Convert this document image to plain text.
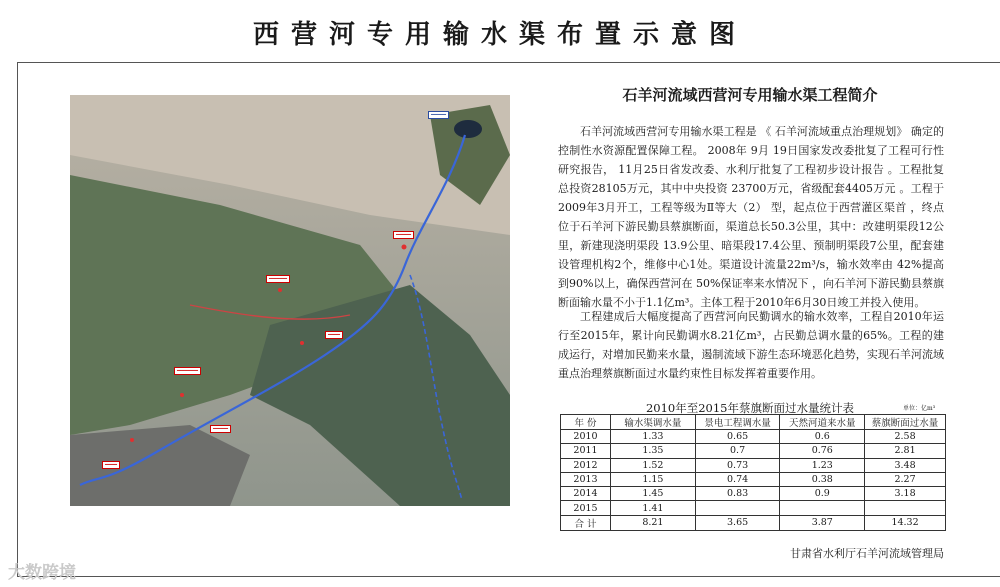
西营河专用输水渠布置示意图
━━━━━
━━━━━
━━━━━━
━━━━
━━━━━━━
━━━━━
━━━━
石羊河流域西营河专用输水渠工程简介

石羊河流域西营河专用输水渠工程是 《 石羊河流域重点治理规划》 确定的控制性水资源配置保障工程。 2008年 9月 19日国家发改委批复了工程可行性研究报告， 11月25日省发改委、水利厅批复了工程初步设计报告 。工程批复总投资28105万元，其中中央投资 23700万元，省级配套4405万元 。工程于2009年3月开工，工程等级为Ⅱ等大（2） 型，起点位于西营灌区渠首 ，终点位于石羊河下游民勤县蔡旗断面，渠道总长50.3公里，其中：改建明渠段12公里，新建现浇明渠段 13.9公里、暗渠段17.4公里、预制明渠段7公里，配套建设管理机构2个，维修中心1处。渠道设计流量22m³/s，输水效率由 42%提高到90%以上，确保西营河在 50%保证率来水情况下 ，向石羊河下游民勤县蔡旗断面输水量不小于1.1亿m³。主体工程于2010年6月30日竣工并投入使用。

工程建成后大幅度提高了西营河向民勤调水的输水效率，工程自2010年运行至2015年，累计向民勤调水8.21亿m³，占民勤总调水量的65%。工程的建成运行，对增加民勤来水量，遏制流域下游生态环境恶化趋势，实现石羊河流域重点治理蔡旗断面过水量约束性目标发挥着重要作用。

2010年至2015年蔡旗断面过水量统计表	单位：亿m³
年 份	输水渠调水量	景电工程调水量	天然河道来水量	蔡旗断面过水量
2010	1.33	0.65	0.6	2.58
2011	1.35	0.7	0.76	2.81
2012	1.52	0.73	1.23	3.48
2013	1.15	0.74	0.38	2.27
2014	1.45	0.83	0.9	3.18
2015	1.41			
合 计	8.21	3.65	3.87	14.32
甘肃省水利厅石羊河流域管理局
大数跨境
